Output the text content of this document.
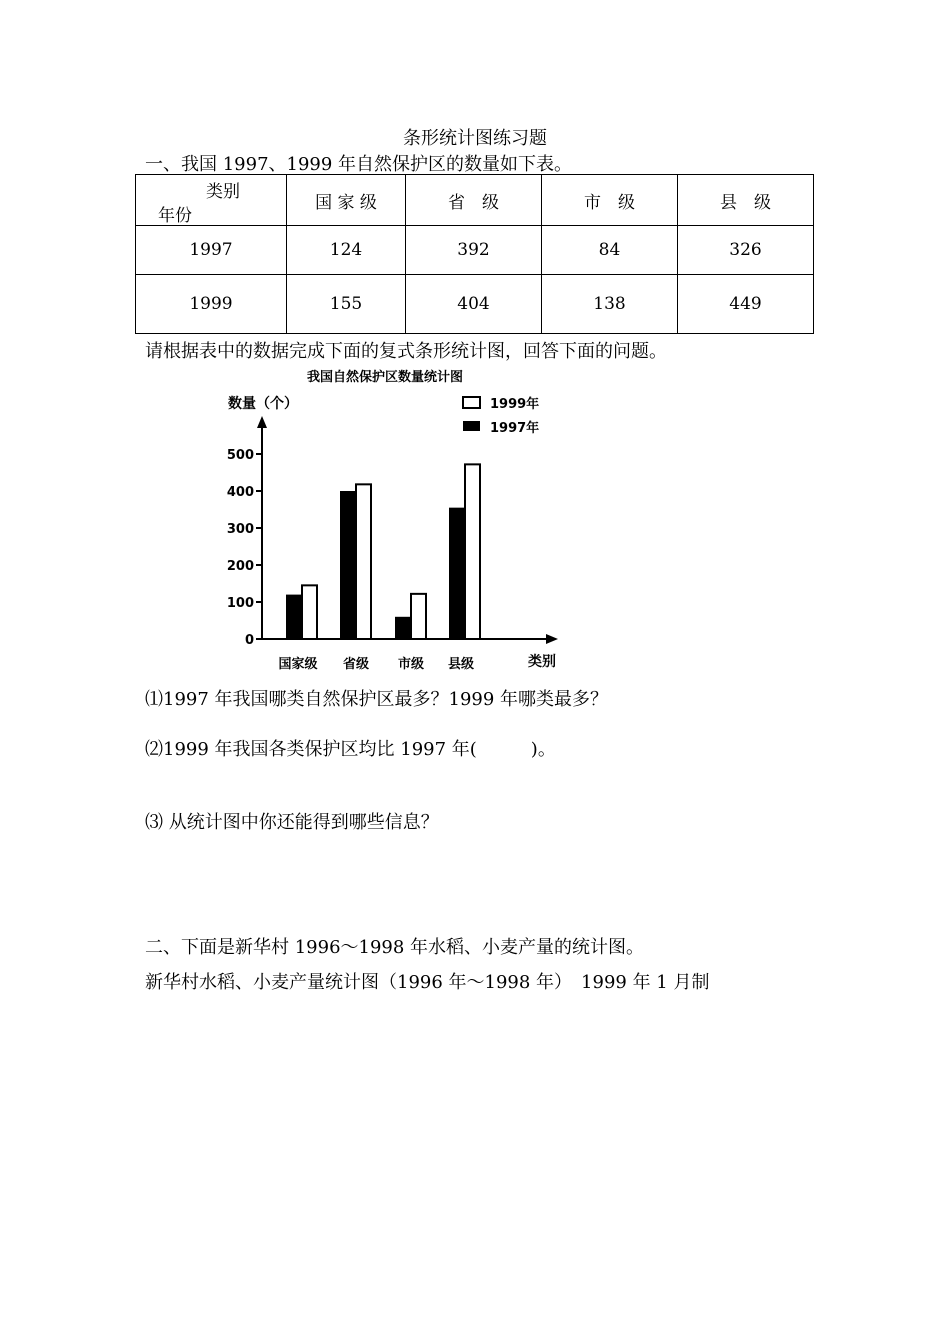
条形统计图练习题
一、我国 1997、1999 年自然保护区的数量如下表。
类别
年份	国 家 级	省　级	市　级	县　级
1997	124	392	84	326
1999	155	404	138	449
请根据表中的数据完成下面的复式条形统计图，回答下面的问题。
我国自然保护区数量统计图
数量（个）
类别
0
100
200
300
400
500
国家级 省级 市级 县级
1999年
1997年
⑴1997 年我国哪类自然保护区最多？1999 年哪类最多？
⑵1999 年我国各类保护区均比 1997 年(　　　)。
⑶ 从统计图中你还能得到哪些信息？
二、下面是新华村 1996～1998 年水稻、小麦产量的统计图。
新华村水稻、小麦产量统计图（1996 年～1998 年）　1999 年 1 月制
